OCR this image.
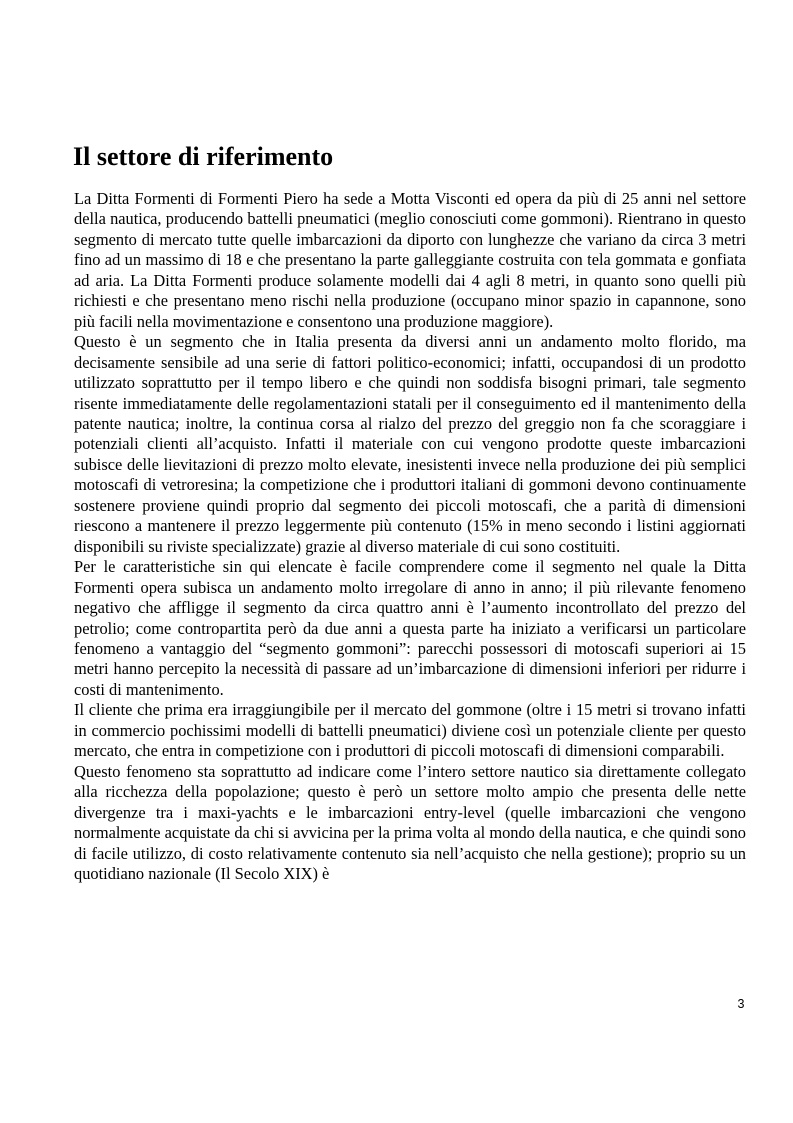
Il settore di riferimento

La Ditta Formenti di Formenti Piero ha sede a Motta Visconti ed opera da più di 25 anni nel settore della nautica, producendo battelli pneumatici (meglio conosciuti come gommoni). Rientrano in questo segmento di mercato tutte quelle imbarcazioni da diporto con lunghezze che variano da circa 3 metri fino ad un massimo di 18 e che presentano la parte galleggiante costruita con tela gommata e gonfiata ad aria. La Ditta Formenti produce solamente modelli dai 4 agli 8 metri, in quanto sono quelli più richiesti e che presentano meno rischi nella produzione (occupano minor spazio in capannone, sono più facili nella movimentazione e consentono una produzione maggiore).

Questo è un segmento che in Italia presenta da diversi anni un andamento molto florido, ma decisamente sensibile ad una serie di fattori politico-economici; infatti, occupandosi di un prodotto utilizzato soprattutto per il tempo libero e che quindi non soddisfa bisogni primari, tale segmento risente immediatamente delle regolamentazioni statali per il conseguimento ed il mantenimento della patente nautica; inoltre, la continua corsa al rialzo del prezzo del greggio non fa che scoraggiare i potenziali clienti all’acquisto. Infatti il materiale con cui vengono prodotte queste imbarcazioni subisce delle lievitazioni di prezzo molto elevate, inesistenti invece nella produzione dei più semplici motoscafi di vetroresina; la competizione che i produttori italiani di gommoni devono continuamente sostenere proviene quindi proprio dal segmento dei piccoli motoscafi, che a parità di dimensioni riescono a mantenere il prezzo leggermente più contenuto (15% in meno secondo i listini aggiornati disponibili su riviste specializzate) grazie al diverso materiale di cui sono costituiti.

Per le caratteristiche sin qui elencate è facile comprendere come il segmento nel quale la Ditta Formenti opera subisca un andamento molto irregolare di anno in anno; il più rilevante fenomeno negativo che affligge il segmento da circa quattro anni è l’aumento incontrollato del prezzo del petrolio; come contropartita però da due anni a questa parte ha iniziato a verificarsi un particolare fenomeno a vantaggio del “segmento gommoni”: parecchi possessori di motoscafi superiori ai 15 metri hanno percepito la necessità di passare ad un’imbarcazione di dimensioni inferiori per ridurre i costi di mantenimento.

Il cliente che prima era irraggiungibile per il mercato del gommone (oltre i 15 metri si trovano infatti in commercio pochissimi modelli di battelli pneumatici) diviene così un potenziale cliente per questo mercato, che entra in competizione con i produttori di piccoli motoscafi di dimensioni comparabili.

Questo fenomeno sta soprattutto ad indicare come l’intero settore nautico sia direttamente collegato alla ricchezza della popolazione; questo è però un settore molto ampio che presenta delle nette divergenze tra i maxi-yachts e le imbarcazioni entry-level (quelle imbarcazioni che vengono normalmente acquistate da chi si avvicina per la prima volta al mondo della nautica, e che quindi sono di facile utilizzo, di costo relativamente contenuto sia nell’acquisto che nella gestione); proprio su un quotidiano nazionale (Il Secolo XIX) è

3
